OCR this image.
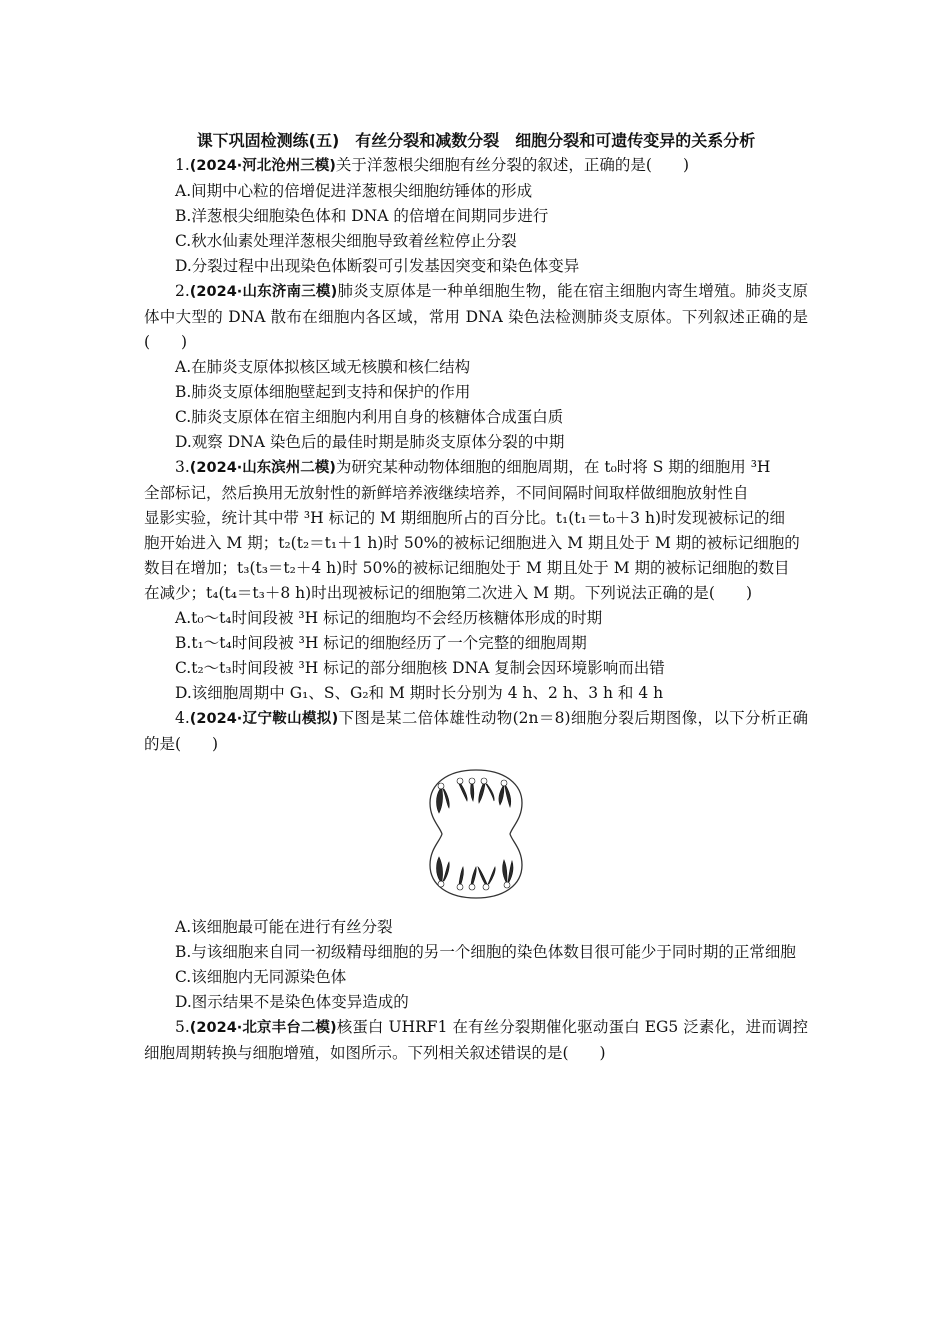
课下巩固检测练(五)　有丝分裂和减数分裂　细胞分裂和可遗传变异的关系分析

1.(2024·河北沧州三模)关于洋葱根尖细胞有丝分裂的叙述，正确的是(　　)

A.间期中心粒的倍增促进洋葱根尖细胞纺锤体的形成

B.洋葱根尖细胞染色体和 DNA 的倍增在间期同步进行

C.秋水仙素处理洋葱根尖细胞导致着丝粒停止分裂

D.分裂过程中出现染色体断裂可引发基因突变和染色体变异

2.(2024·山东济南三模)肺炎支原体是一种单细胞生物，能在宿主细胞内寄生增殖。肺炎支原体中大型的 DNA 散布在细胞内各区域，常用 DNA 染色法检测肺炎支原体。下列叙述正确的是(　　)

A.在肺炎支原体拟核区域无核膜和核仁结构

B.肺炎支原体细胞壁起到支持和保护的作用

C.肺炎支原体在宿主细胞内利用自身的核糖体合成蛋白质

D.观察 DNA 染色后的最佳时期是肺炎支原体分裂的中期

3.(2024·山东滨州二模)为研究某种动物体细胞的细胞周期，在 t₀时将 S 期的细胞用 ³H

全部标记，然后换用无放射性的新鲜培养液继续培养，不同间隔时间取样做细胞放射性自

显影实验，统计其中带 ³H 标记的 M 期细胞所占的百分比。t₁(t₁＝t₀＋3 h)时发现被标记的细

胞开始进入 M 期；t₂(t₂＝t₁＋1 h)时 50%的被标记细胞进入 M 期且处于 M 期的被标记细胞的

数目在增加；t₃(t₃＝t₂＋4 h)时 50%的被标记细胞处于 M 期且处于 M 期的被标记细胞的数目

在减少；t₄(t₄＝t₃＋8 h)时出现被标记的细胞第二次进入 M 期。下列说法正确的是(　　)

A.t₀～t₄时间段被 ³H 标记的细胞均不会经历核糖体形成的时期

B.t₁～t₄时间段被 ³H 标记的细胞经历了一个完整的细胞周期

C.t₂～t₃时间段被 ³H 标记的部分细胞核 DNA 复制会因环境影响而出错

D.该细胞周期中 G₁、S、G₂和 M 期时长分别为 4 h、2 h、3 h 和 4 h

4.(2024·辽宁鞍山模拟)下图是某二倍体雄性动物(2n＝8)细胞分裂后期图像，以下分析正确的是(　　)

A.该细胞最可能在进行有丝分裂

B.与该细胞来自同一初级精母细胞的另一个细胞的染色体数目很可能少于同时期的正常细胞

C.该细胞内无同源染色体

D.图示结果不是染色体变异造成的

5.(2024·北京丰台二模)核蛋白 UHRF1 在有丝分裂期催化驱动蛋白 EG5 泛素化，进而调控细胞周期转换与细胞增殖，如图所示。下列相关叙述错误的是(　　)
